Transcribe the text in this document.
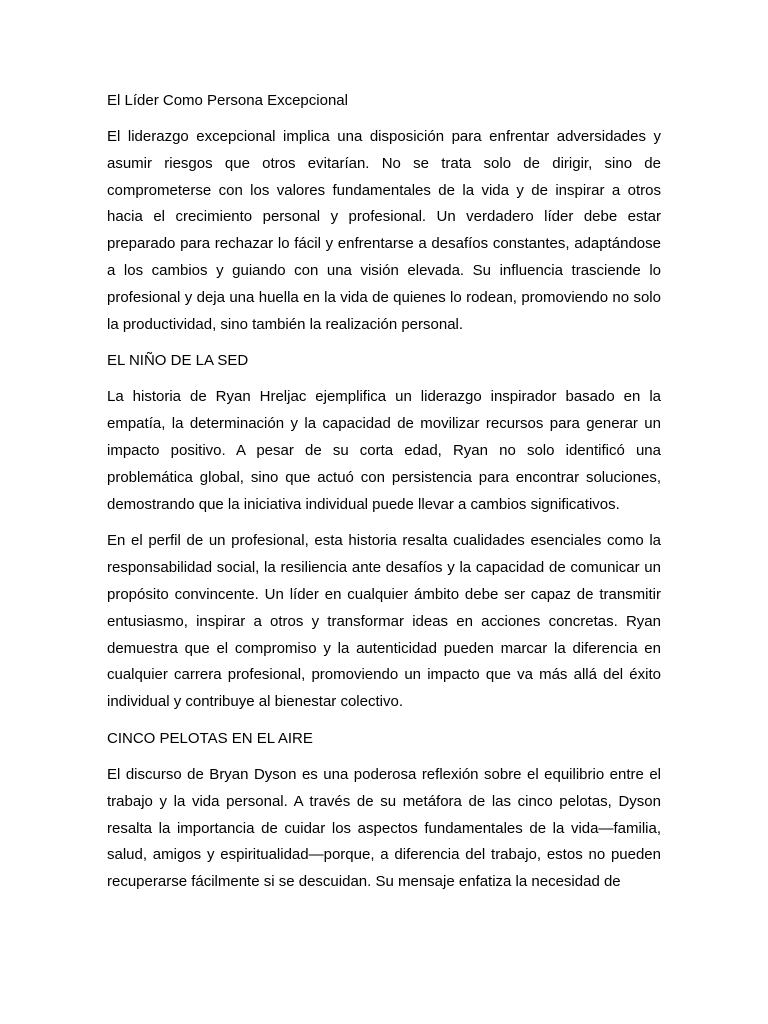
El Líder Como Persona Excepcional

El liderazgo excepcional implica una disposición para enfrentar adversidades y asumir riesgos que otros evitarían. No se trata solo de dirigir, sino de comprometerse con los valores fundamentales de la vida y de inspirar a otros hacia el crecimiento personal y profesional. Un verdadero líder debe estar preparado para rechazar lo fácil y enfrentarse a desafíos constantes, adaptándose a los cambios y guiando con una visión elevada. Su influencia trasciende lo profesional y deja una huella en la vida de quienes lo rodean, promoviendo no solo la productividad, sino también la realización personal.

EL NIÑO DE LA SED

La historia de Ryan Hreljac ejemplifica un liderazgo inspirador basado en la empatía, la determinación y la capacidad de movilizar recursos para generar un impacto positivo. A pesar de su corta edad, Ryan no solo identificó una problemática global, sino que actuó con persistencia para encontrar soluciones, demostrando que la iniciativa individual puede llevar a cambios significativos.

En el perfil de un profesional, esta historia resalta cualidades esenciales como la responsabilidad social, la resiliencia ante desafíos y la capacidad de comunicar un propósito convincente. Un líder en cualquier ámbito debe ser capaz de transmitir entusiasmo, inspirar a otros y transformar ideas en acciones concretas. Ryan demuestra que el compromiso y la autenticidad pueden marcar la diferencia en cualquier carrera profesional, promoviendo un impacto que va más allá del éxito individual y contribuye al bienestar colectivo.

CINCO PELOTAS EN EL AIRE

El discurso de Bryan Dyson es una poderosa reflexión sobre el equilibrio entre el trabajo y la vida personal. A través de su metáfora de las cinco pelotas, Dyson resalta la importancia de cuidar los aspectos fundamentales de la vida—familia, salud, amigos y espiritualidad—porque, a diferencia del trabajo, estos no pueden recuperarse fácilmente si se descuidan. Su mensaje enfatiza la necesidad de
